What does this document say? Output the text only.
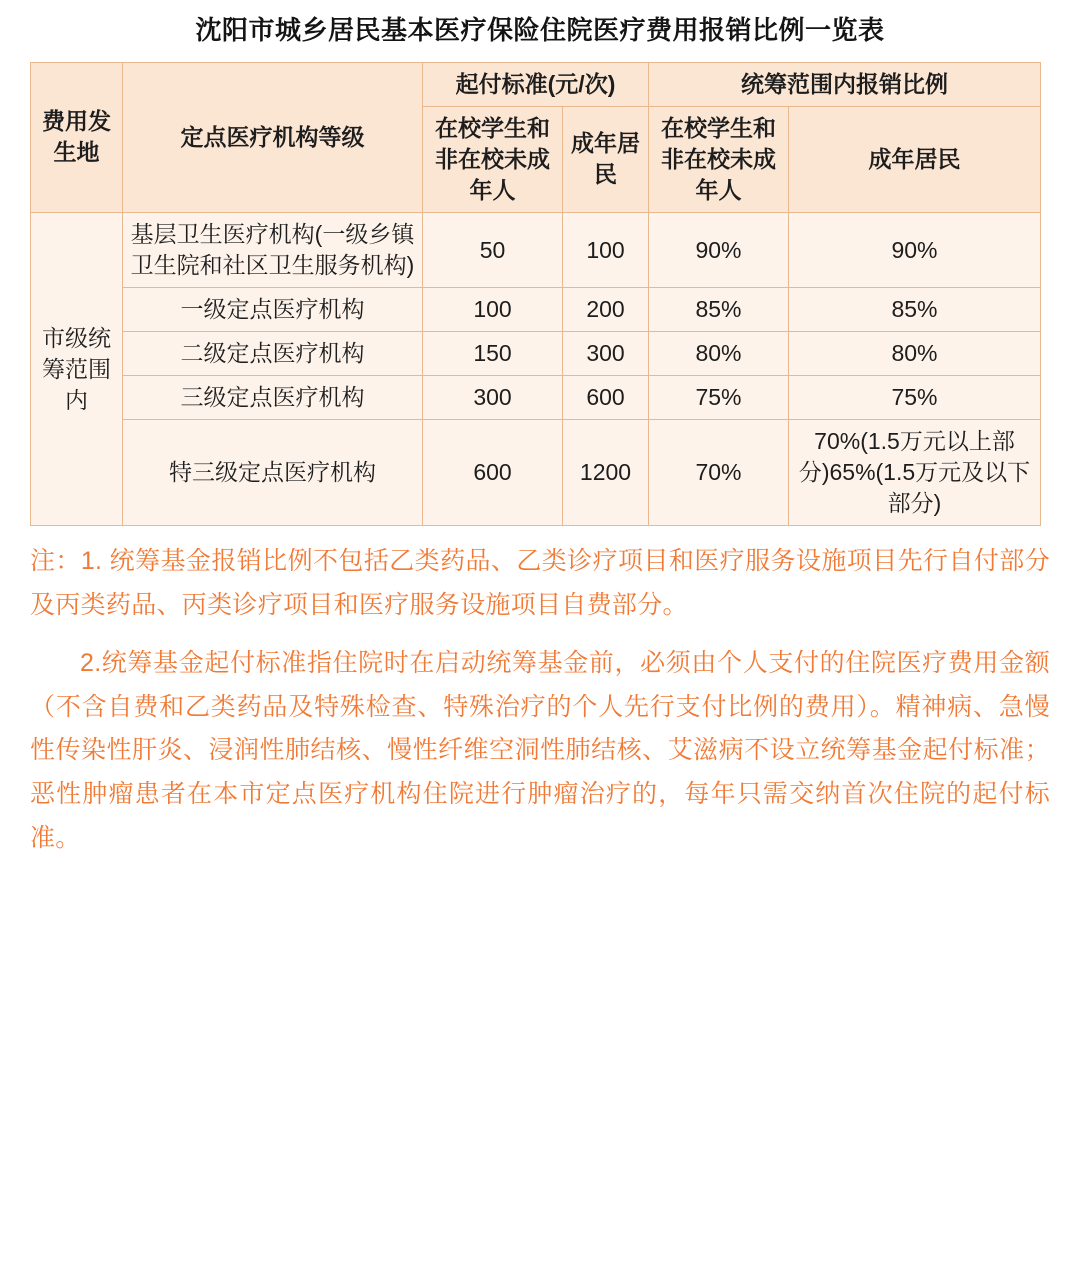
沈阳市城乡居民基本医疗保险住院医疗费用报销比例一览表
费用发生地	定点医疗机构等级	起付标准(元/次)		统筹范围内报销比例	
		在校学生和非在校未成年人	成年居民	在校学生和非在校未成年人	成年居民
市级统筹范围内	基层卫生医疗机构(一级乡镇卫生院和社区卫生服务机构)	50	100	90%	90%
	一级定点医疗机构	100	200	85%	85%
	二级定点医疗机构	150	300	80%	80%
	三级定点医疗机构	300	600	75%	75%
	特三级定点医疗机构	600	1200	70%	70%(1.5万元以上部分)65%(1.5万元及以下部分)

注：1. 统筹基金报销比例不包括乙类药品、乙类诊疗项目和医疗服务设施项目先行自付部分及丙类药品、丙类诊疗项目和医疗服务设施项目自费部分。

2.统筹基金起付标准指住院时在启动统筹基金前，必须由个人支付的住院医疗费用金额（不含自费和乙类药品及特殊检查、特殊治疗的个人先行支付比例的费用）。精神病、急慢性传染性肝炎、浸润性肺结核、慢性纤维空洞性肺结核、艾滋病不设立统筹基金起付标准；恶性肿瘤患者在本市定点医疗机构住院进行肿瘤治疗的，每年只需交纳首次住院的起付标准。
